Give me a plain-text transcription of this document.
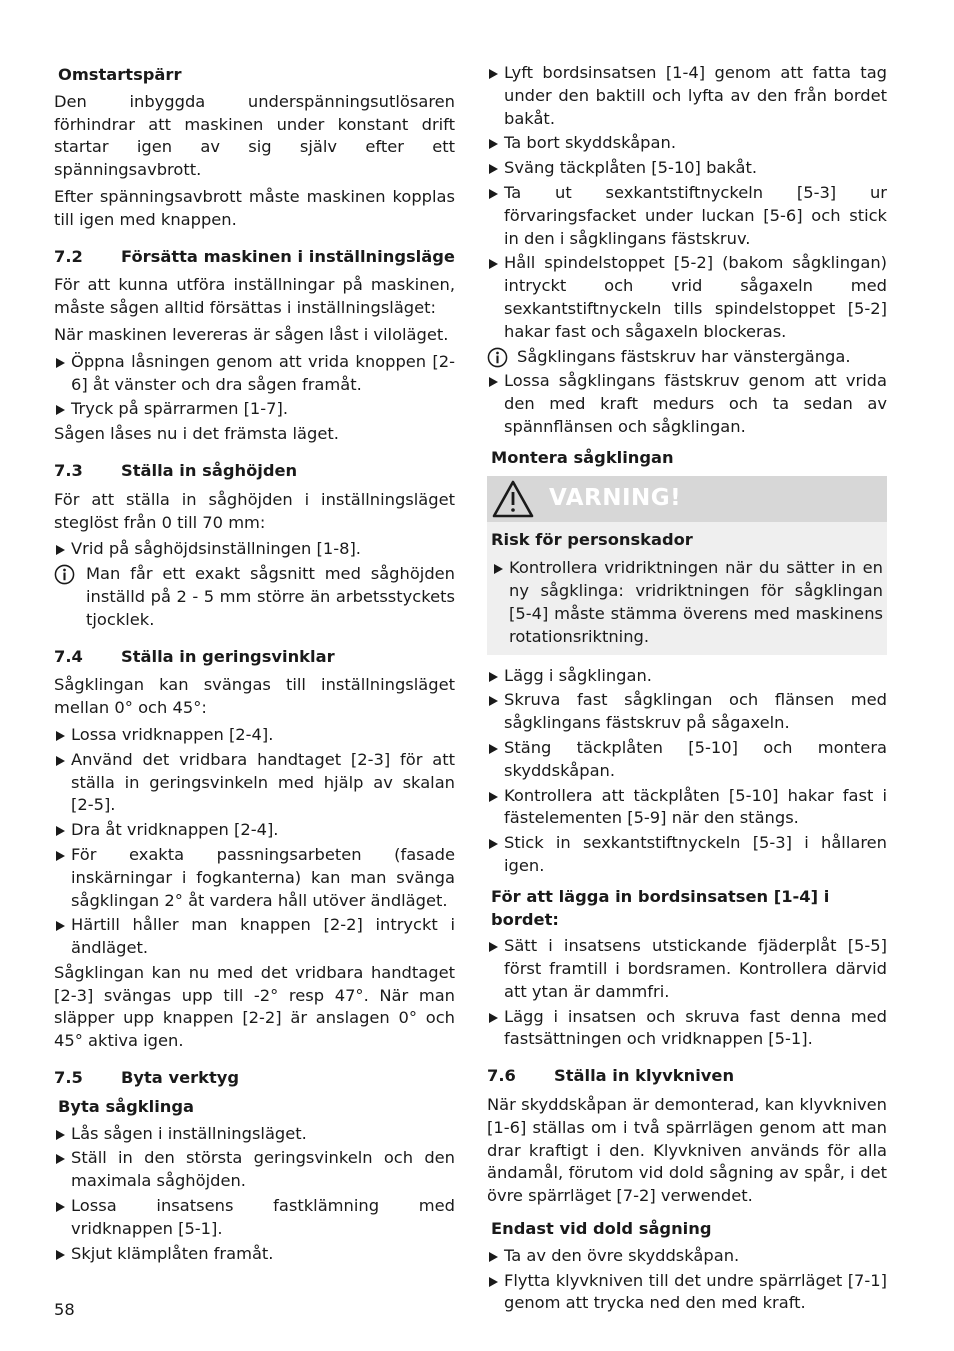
Omstartspärr

Den inbyggda underspänningsutlösaren förhindrar att maskinen under konstant drift startar igen av sig själv efter ett spänningsavbrott.

Efter spänningsavbrott måste maskinen kopplas till igen med knappen.

7.2	Försätta maskinen i inställningsläge

För att kunna utföra inställningar på maskinen, måste sågen alltid försättas i inställningsläget:

När maskinen levereras är sågen låst i viloläget.

Öppna låsningen genom att vrida knoppen [2-6] åt vänster och dra sågen framåt.
Tryck på spärrarmen [1-7].

Sågen låses nu i det främsta läget.

7.3	Ställa in såghöjden

För att ställa in såghöjden i inställningsläget steglöst från 0 till 70 mm:

Vrid på såghöjdsinställningen [1-8].
Man får ett exakt sågsnitt med såghöjden inställd på 2 - 5 mm större än arbetsstyckets tjocklek.
7.4	Ställa in geringsvinklar

Sågklingan kan svängas till inställningsläget mellan 0° och 45°:

Lossa vridknappen [2-4].
Använd det vridbara handtaget [2-3] för att ställa in geringsvinkeln med hjälp av skalan [2-5].
Dra åt vridknappen [2-4].
För exakta passningsarbeten (fasade inskärningar i fogkanterna) kan man svänga sågklingan 2° åt vardera håll utöver ändläget.
Härtill håller man knappen [2-2] intryckt i ändläget.

Sågklingan kan nu med det vridbara handtaget [2-3] svängas upp till -2° resp 47°. När man släpper upp knappen [2-2] är anslagen 0° och 45° aktiva igen.

7.5	Byta verktyg
Byta sågklinga
Lås sågen i inställningsläget.
Ställ in den största geringsvinkeln och den maximala såghöjden.
Lossa insatsens fastklämning med vridknappen [5-1].
Skjut klämplåten framåt.
Lyft bordsinsatsen [1-4] genom att fatta tag under den baktill och lyfta av den från bordet bakåt.
Ta bort skyddskåpan.
Sväng täckplåten [5-10] bakåt.
Ta ut sexkantstiftnyckeln [5-3] ur förvaringsfacket under luckan [5-6] och stick in den i sågklingans fästskruv.
Håll spindelstoppet [5-2] (bakom sågklingan) intryckt och vrid sågaxeln med sexkantstiftnyckeln tills spindelstoppet [5-2] hakar fast och sågaxeln blockeras.
Sågklingans fästskruv har vänstergänga.
Lossa sågklingans fästskruv genom att vrida den med kraft medurs och ta sedan av spännflänsen och sågklingan.
Montera sågklingan
VARNING!
Risk för personskador
Kontrollera vridriktningen när du sätter in en ny sågklinga: vridriktningen för sågklingan [5-4] måste stämma överens med maskinens rotationsriktning.
Lägg i sågklingan.
Skruva fast sågklingan och flänsen med sågklingans fästskruv på sågaxeln.
Stäng täckplåten [5-10] och montera skyddskåpan.
Kontrollera att täckplåten [5-10] hakar fast i fästelementen [5-9] när den stängs.
Stick in sexkantstiftnyckeln [5-3] i hållaren igen.
För att lägga in bordsinsatsen [1-4] i bordet:
Sätt i insatsens utstickande fjäderplåt [5-5] först framtill i bordsramen. Kontrollera därvid att ytan är dammfri.
Lägg i insatsen och skruva fast denna med fastsättningen och vridknappen [5-1].
7.6	Ställa in klyvkniven

När skyddskåpan är demonterad, kan klyvkniven [1-6] ställas om i två spärrlägen genom att man drar kraftigt i den. Klyvkniven används för alla ändamål, förutom vid dold sågning av spår, i det övre spärrläget [7-2] verwendet.

Endast vid dold sågning
Ta av den övre skyddskåpan.
Flytta klyvkniven till det undre spärrläget [7-1] genom att trycka ned den med kraft.
58
